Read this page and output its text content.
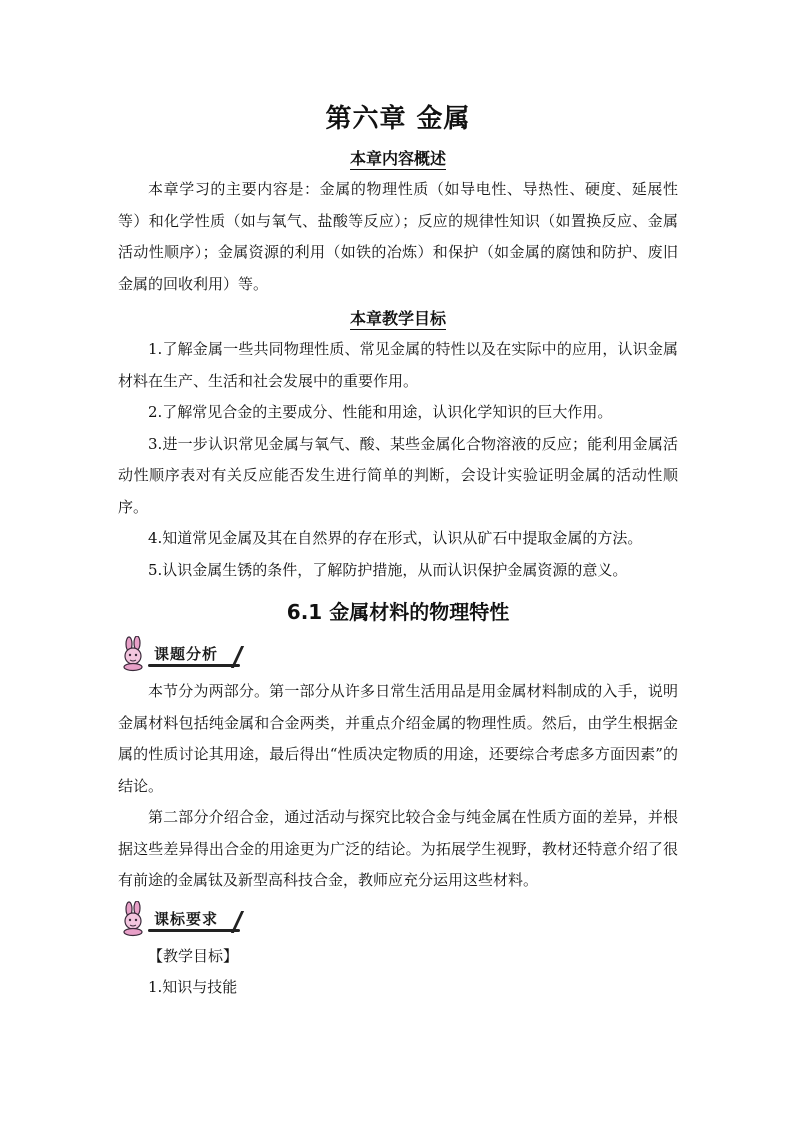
第六章 金属
本章内容概述

本章学习的主要内容是：金属的物理性质（如导电性、导热性、硬度、延展性等）和化学性质（如与氧气、盐酸等反应）；反应的规律性知识（如置换反应、金属活动性顺序）；金属资源的利用（如铁的冶炼）和保护（如金属的腐蚀和防护、废旧金属的回收利用）等。

本章教学目标

1.了解金属一些共同物理性质、常见金属的特性以及在实际中的应用，认识金属材料在生产、生活和社会发展中的重要作用。

2.了解常见合金的主要成分、性能和用途，认识化学知识的巨大作用。

3.进一步认识常见金属与氧气、酸、某些金属化合物溶液的反应；能利用金属活动性顺序表对有关反应能否发生进行简单的判断，会设计实验证明金属的活动性顺序。

4.知道常见金属及其在自然界的存在形式，认识从矿石中提取金属的方法。

5.认识金属生锈的条件，了解防护措施，从而认识保护金属资源的意义。

6.1 金属材料的物理特性
课题分析

本节分为两部分。第一部分从许多日常生活用品是用金属材料制成的入手，说明金属材料包括纯金属和合金两类，并重点介绍金属的物理性质。然后，由学生根据金属的性质讨论其用途，最后得出“性质决定物质的用途，还要综合考虑多方面因素”的结论。

第二部分介绍合金，通过活动与探究比较合金与纯金属在性质方面的差异，并根据这些差异得出合金的用途更为广泛的结论。为拓展学生视野，教材还特意介绍了很有前途的金属钛及新型高科技合金，教师应充分运用这些材料。

课标要求

【教学目标】

1.知识与技能
